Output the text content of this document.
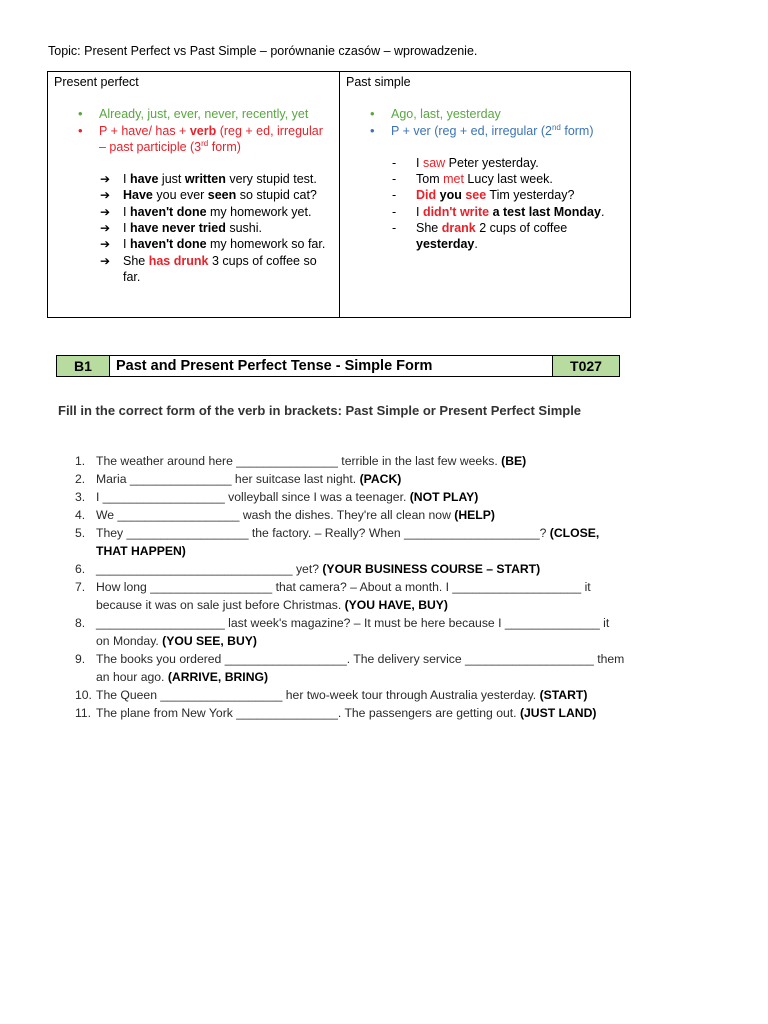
Topic: Present Perfect vs Past Simple – porównanie czasów – wprowadzenie.
Present perfect
• Already, just, ever, never, recently, yet
• P + have/ has + verb (reg + ed, irregular – past participle (3rd form)
➔ I have just written very stupid test.
➔ Have you ever seen so stupid cat?
➔ I haven't done my homework yet.
➔ I have never tried sushi.
➔ I haven't done my homework so far.
➔ She has drunk 3 cups of coffee so far.
Past simple
• Ago, last, yesterday
• P + ver (reg + ed, irregular (2nd form)
- I saw Peter yesterday.
- Tom met Lucy last week.
- Did you see Tim yesterday?
- I didn't write a test last Monday.
- She drank 2 cups of coffee yesterday.
B1	Past and Present Perfect Tense - Simple Form	T027
Fill in the correct form of the verb in brackets: Past Simple or Present Perfect Simple
1. The weather around here _______________ terrible in the last few weeks. (BE)
2. Maria _______________ her suitcase last night. (PACK)
3. I __________________ volleyball since I was a teenager. (NOT PLAY)
4. We __________________ wash the dishes. They're all clean now (HELP)
5. They __________________ the factory. – Really? When ____________________? (CLOSE, THAT HAPPEN)
6. _____________________________ yet? (YOUR BUSINESS COURSE – START)
7. How long __________________ that camera? – About a month. I ___________________ it because it was on sale just before Christmas. (YOU HAVE, BUY)
8. ___________________ last week's magazine? – It must be here because I ______________ it on Monday. (YOU SEE, BUY)
9. The books you ordered __________________. The delivery service ___________________ them an hour ago. (ARRIVE, BRING)
10. The Queen __________________ her two-week tour through Australia yesterday. (START)
11. The plane from New York _______________. The passengers are getting out. (JUST LAND)
